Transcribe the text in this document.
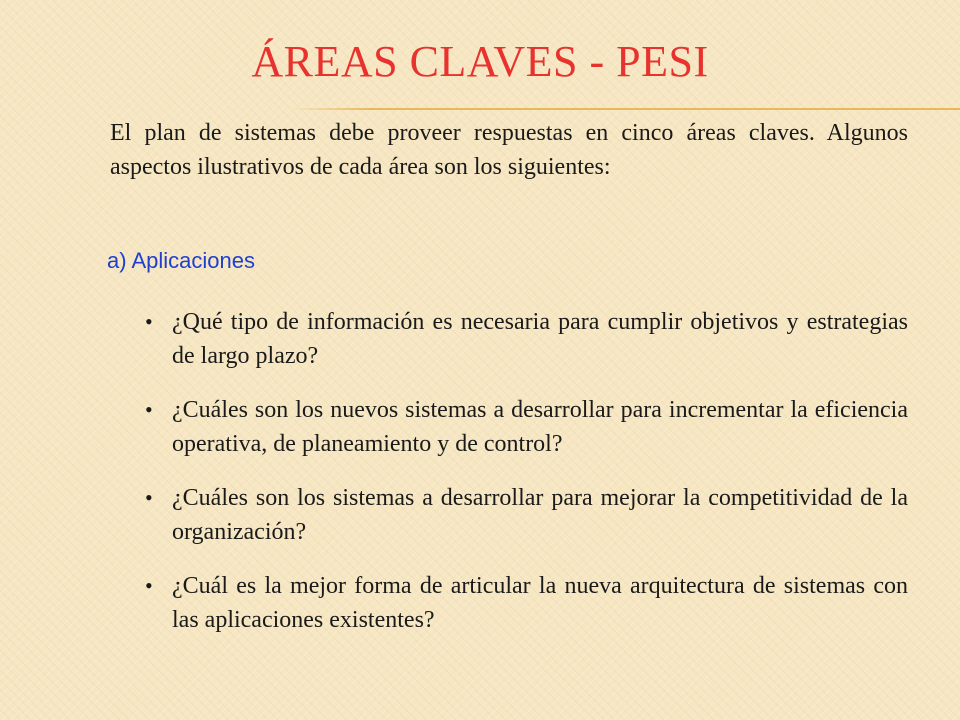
ÁREAS CLAVES - PESI

El plan de sistemas debe proveer respuestas en cinco áreas claves. Algunos aspectos ilustrativos de cada área son los siguientes:

a) Aplicaciones

• ¿Qué tipo de información es necesaria para cumplir objetivos y estrategias de largo plazo?
• ¿Cuáles son los nuevos sistemas a desarrollar para incrementar la eficiencia operativa, de planeamiento y de control?
• ¿Cuáles son los sistemas a desarrollar para mejorar la competitividad de la organización?
• ¿Cuál es la mejor forma de articular la nueva arquitectura de sistemas con las aplicaciones existentes?
